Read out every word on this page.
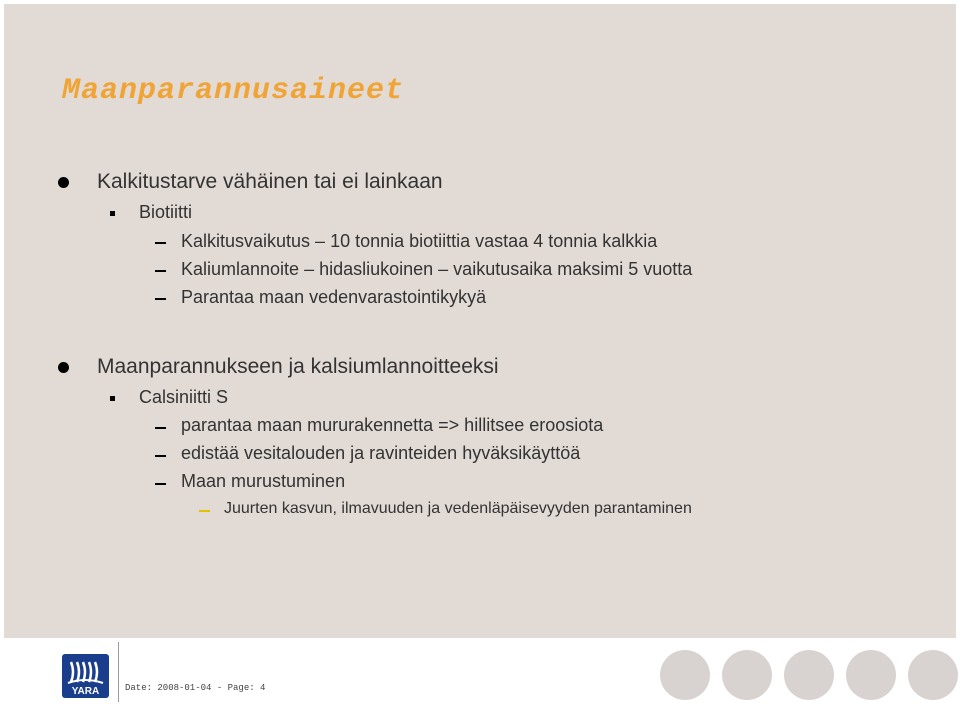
Maanparannusaineet
Kalkitustarve vähäinen tai ei lainkaan
Biotiitti
Kalkitusvaikutus – 10 tonnia biotiittia vastaa 4 tonnia kalkkia
Kaliumlannoite – hidasliukoinen – vaikutusaika maksimi 5 vuotta
Parantaa maan vedenvarastointikykyä
Maanparannukseen ja kalsiumlannoitteeksi
Calsiniitti S
parantaa maan mururakennetta => hillitsee eroosiota
edistää vesitalouden ja ravinteiden hyväksikäyttöä
Maan murustuminen
Juurten kasvun, ilmavuuden ja vedenläpäisevyyden parantaminen
YARA	Date: 2008-01-04 - Page: 4
